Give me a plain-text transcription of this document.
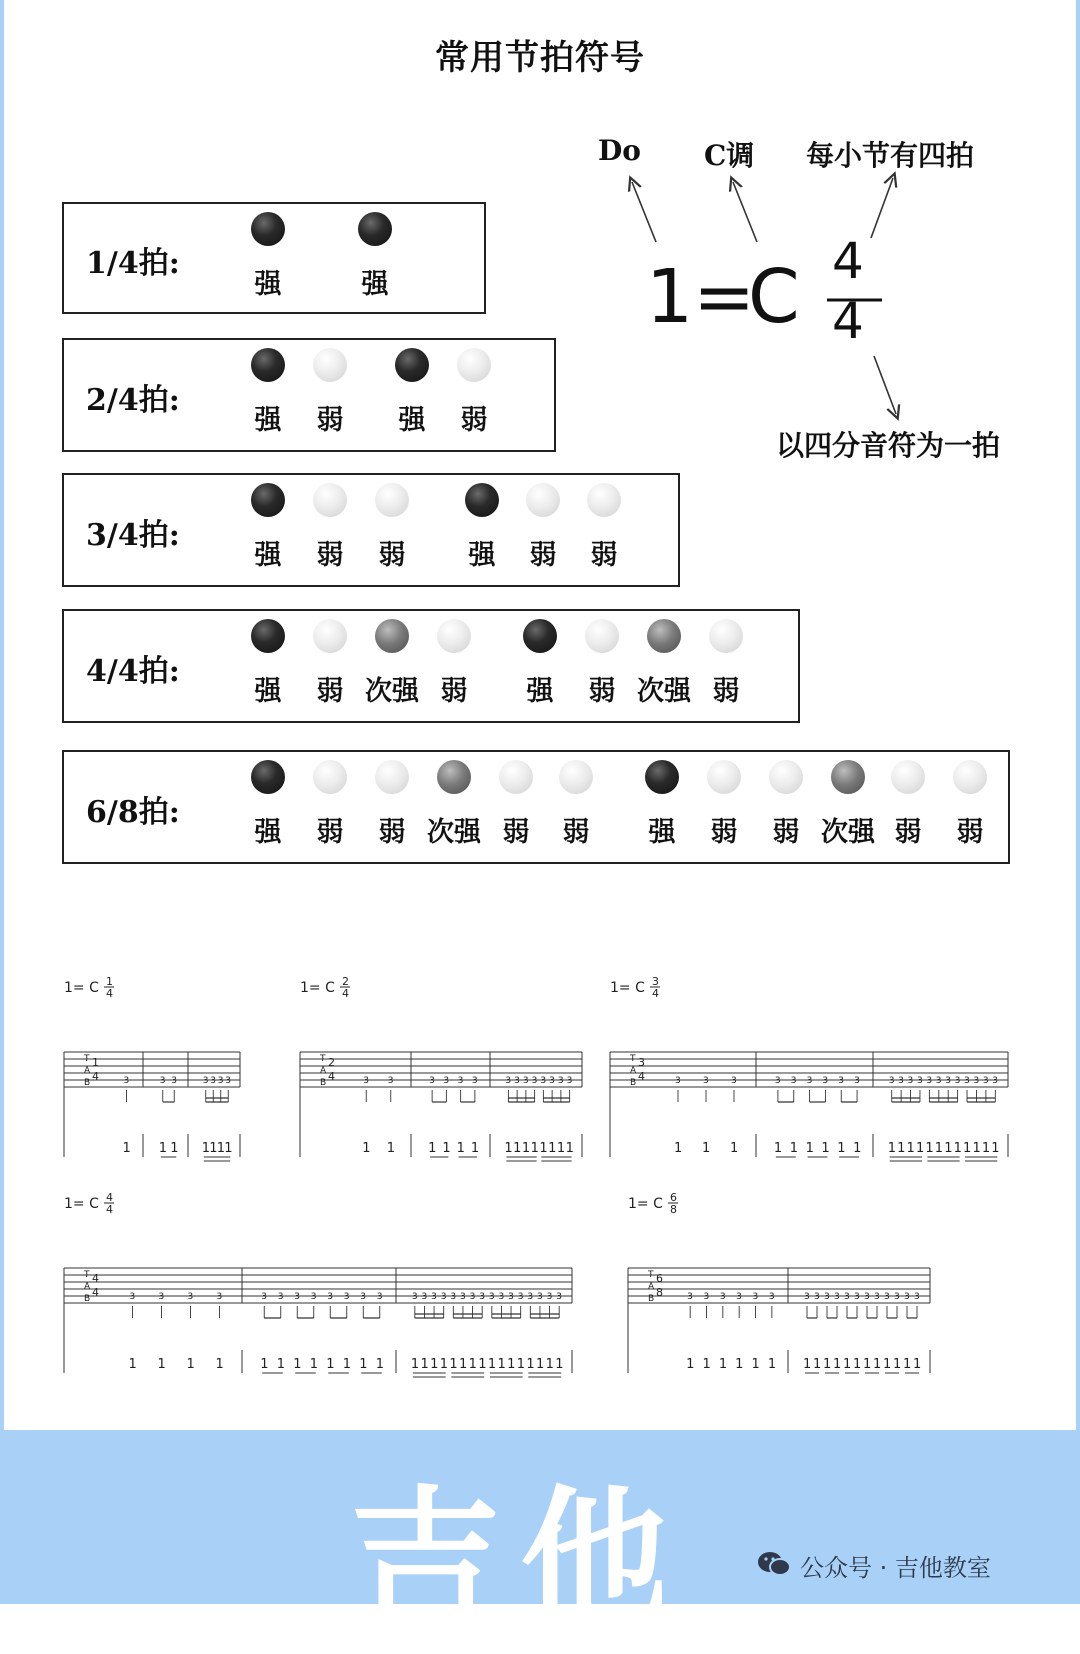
常用节拍符号
1/4拍:
强	强
2/4拍:
强	弱	强	弱
3/4拍:
强	弱	弱	强	弱	弱
4/4拍:
强	弱 次强 弱	强	弱 次强 弱
6/8拍:
强	弱	弱 次强 弱	弱	强	弱	弱 次强 弱	弱
Do C调 每小节有四拍
以四分音符为一拍
1=
C 4
4
1= C 1
4
T
A
B
1
4	3
1
3
1
3
1
3
1
3
1
3
1
3
1
1= C 2
4
T
A
B
2
4	3
1
3
1
3
1
3
1
3
1
3
1
3
1
3
1
3
1
3
1
3
1
3
1
3
1
3
1
1= C 3
4
T
A
B
3
4	3
1
3
1
3
1
3
1
3
1
3
1
3
1
3
1
3
1
3
1
3
1
3
1
3
1
3
1
3
1
3
1
3
1
3
1
3
1
3
1
3
1
1= C 4
4
T
A
B
4
4	3
1
3
1
3
1
3
1
3
1
3
1
3
1
3
1
3
1
3
1
3
1
3
1
3
1
3
1
3
1
3
1
3
1
3
1
3
1
3
1
3
1
3
1
3
1
3
1
3
1
3
1
3
1
3
1
1= C 6
8
T
A
B
6
8	3
1
3
1
3
1
3
1
3
1
3
1
3
1
3
1
3
1
3
1
3
1
3
1
3
1
3
1
3
1
3
1
3
1
3
1
吉他	公众号 · 吉他教室
